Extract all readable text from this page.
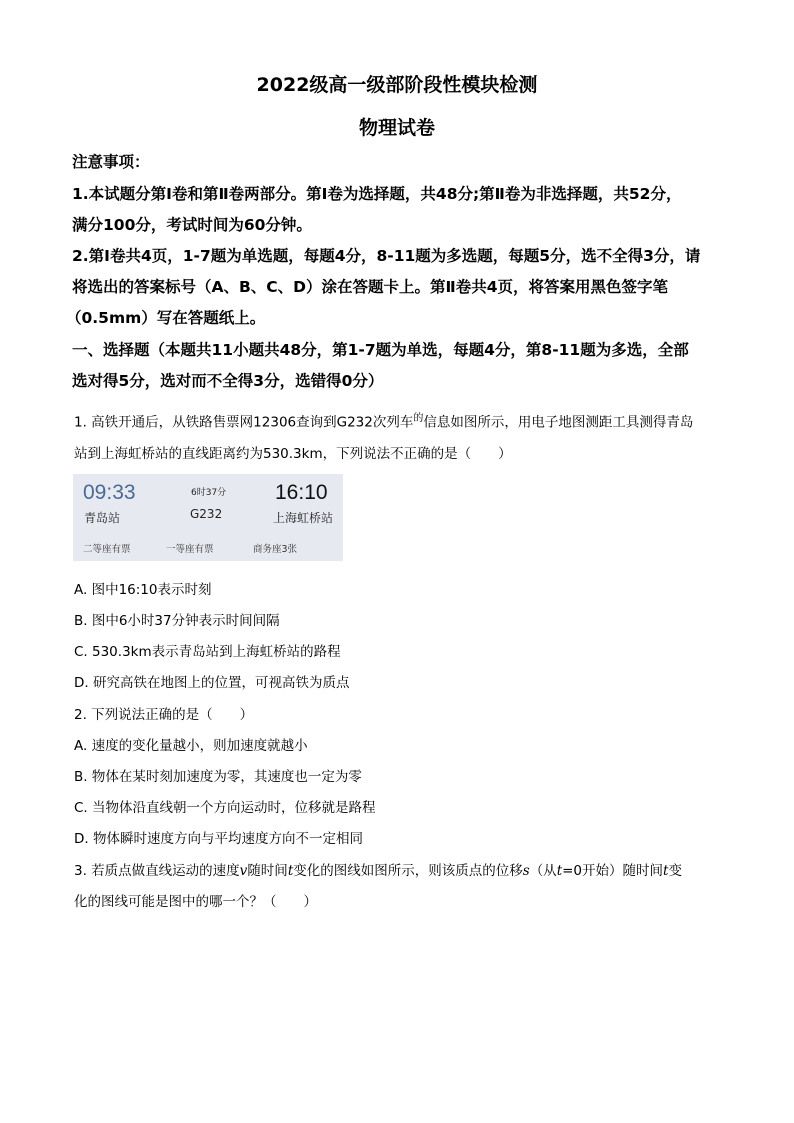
2022级高一级部阶段性模块检测
物理试卷
注意事项：
1.本试题分第Ⅰ卷和第Ⅱ卷两部分。第Ⅰ卷为选择题，共48分;第Ⅱ卷为非选择题，共52分，
满分100分，考试时间为60分钟。
2.第Ⅰ卷共4页，1-7题为单选题，每题4分，8-11题为多选题，每题5分，选不全得3分，请
将选出的答案标号（A、B、C、D）涂在答题卡上。第Ⅱ卷共4页，将答案用黑色签字笔
（0.5mm）写在答题纸上。
一、选择题（本题共11小题共48分，第1-7题为单选，每题4分，第8-11题为多选，全部
选对得5分，选对而不全得3分，选错得0分）
1. 高铁开通后，从铁路售票网12306查询到G232次列车$^的$信息如图所示，用电子地图测距工具测得青岛
站到上海虹桥站的直线距离约为530.3km，下列说法不正确的是（　　）
09:33	6时37分 16:10
青岛站	G232	上海虹桥站
二等座有票	一等座有票	商务座3张
A. 图中16:10表示时刻
B. 图中6小时37分钟表示时间间隔
C. 530.3km表示青岛站到上海虹桥站的路程
D. 研究高铁在地图上的位置，可视高铁为质点
2. 下列说法正确的是（　　）
A. 速度的变化量越小，则加速度就越小
B. 物体在某时刻加速度为零，其速度也一定为零
C. 当物体沿直线朝一个方向运动时，位移就是路程
D. 物体瞬时速度方向与平均速度方向不一定相同
3. 若质点做直线运动的速度v随时间t变化的图线如图所示，则该质点的位移s（从t=0开始）随时间t变
化的图线可能是图中的哪一个？（　　）
